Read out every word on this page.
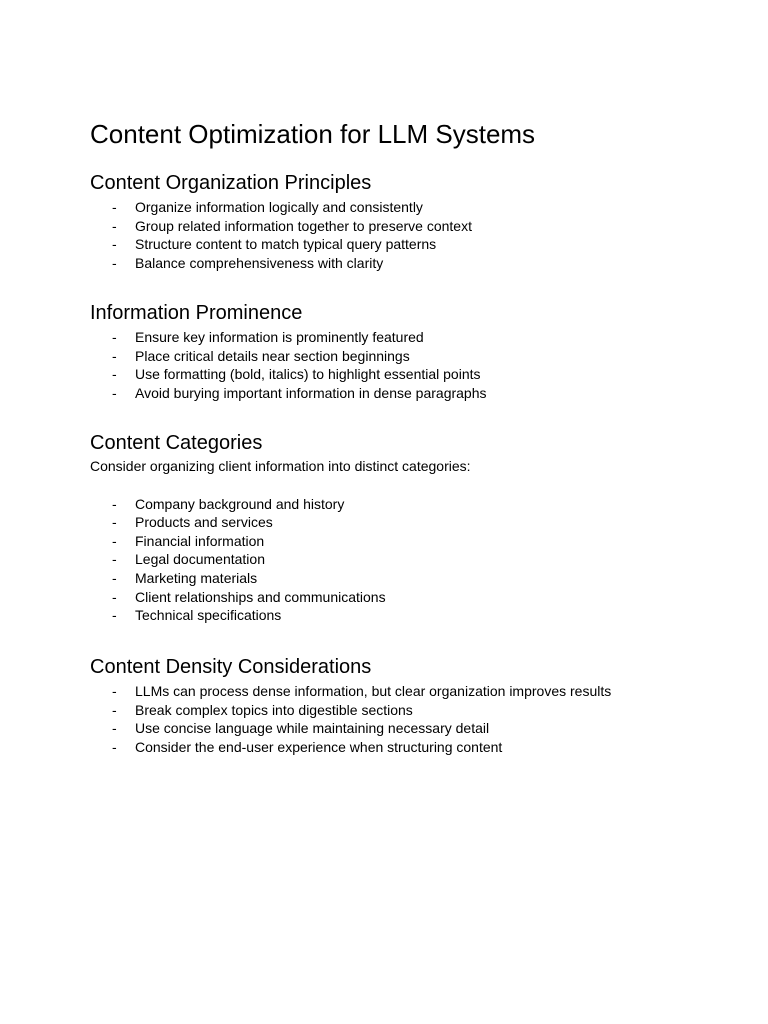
Content Optimization for LLM Systems
Content Organization Principles
- Organize information logically and consistently
- Group related information together to preserve context
- Structure content to match typical query patterns
- Balance comprehensiveness with clarity
Information Prominence
- Ensure key information is prominently featured
- Place critical details near section beginnings
- Use formatting (bold, italics) to highlight essential points
- Avoid burying important information in dense paragraphs
Content Categories

Consider organizing client information into distinct categories:

- Company background and history
- Products and services
- Financial information
- Legal documentation
- Marketing materials
- Client relationships and communications
- Technical specifications
Content Density Considerations
- LLMs can process dense information, but clear organization improves results
- Break complex topics into digestible sections
- Use concise language while maintaining necessary detail
- Consider the end-user experience when structuring content
